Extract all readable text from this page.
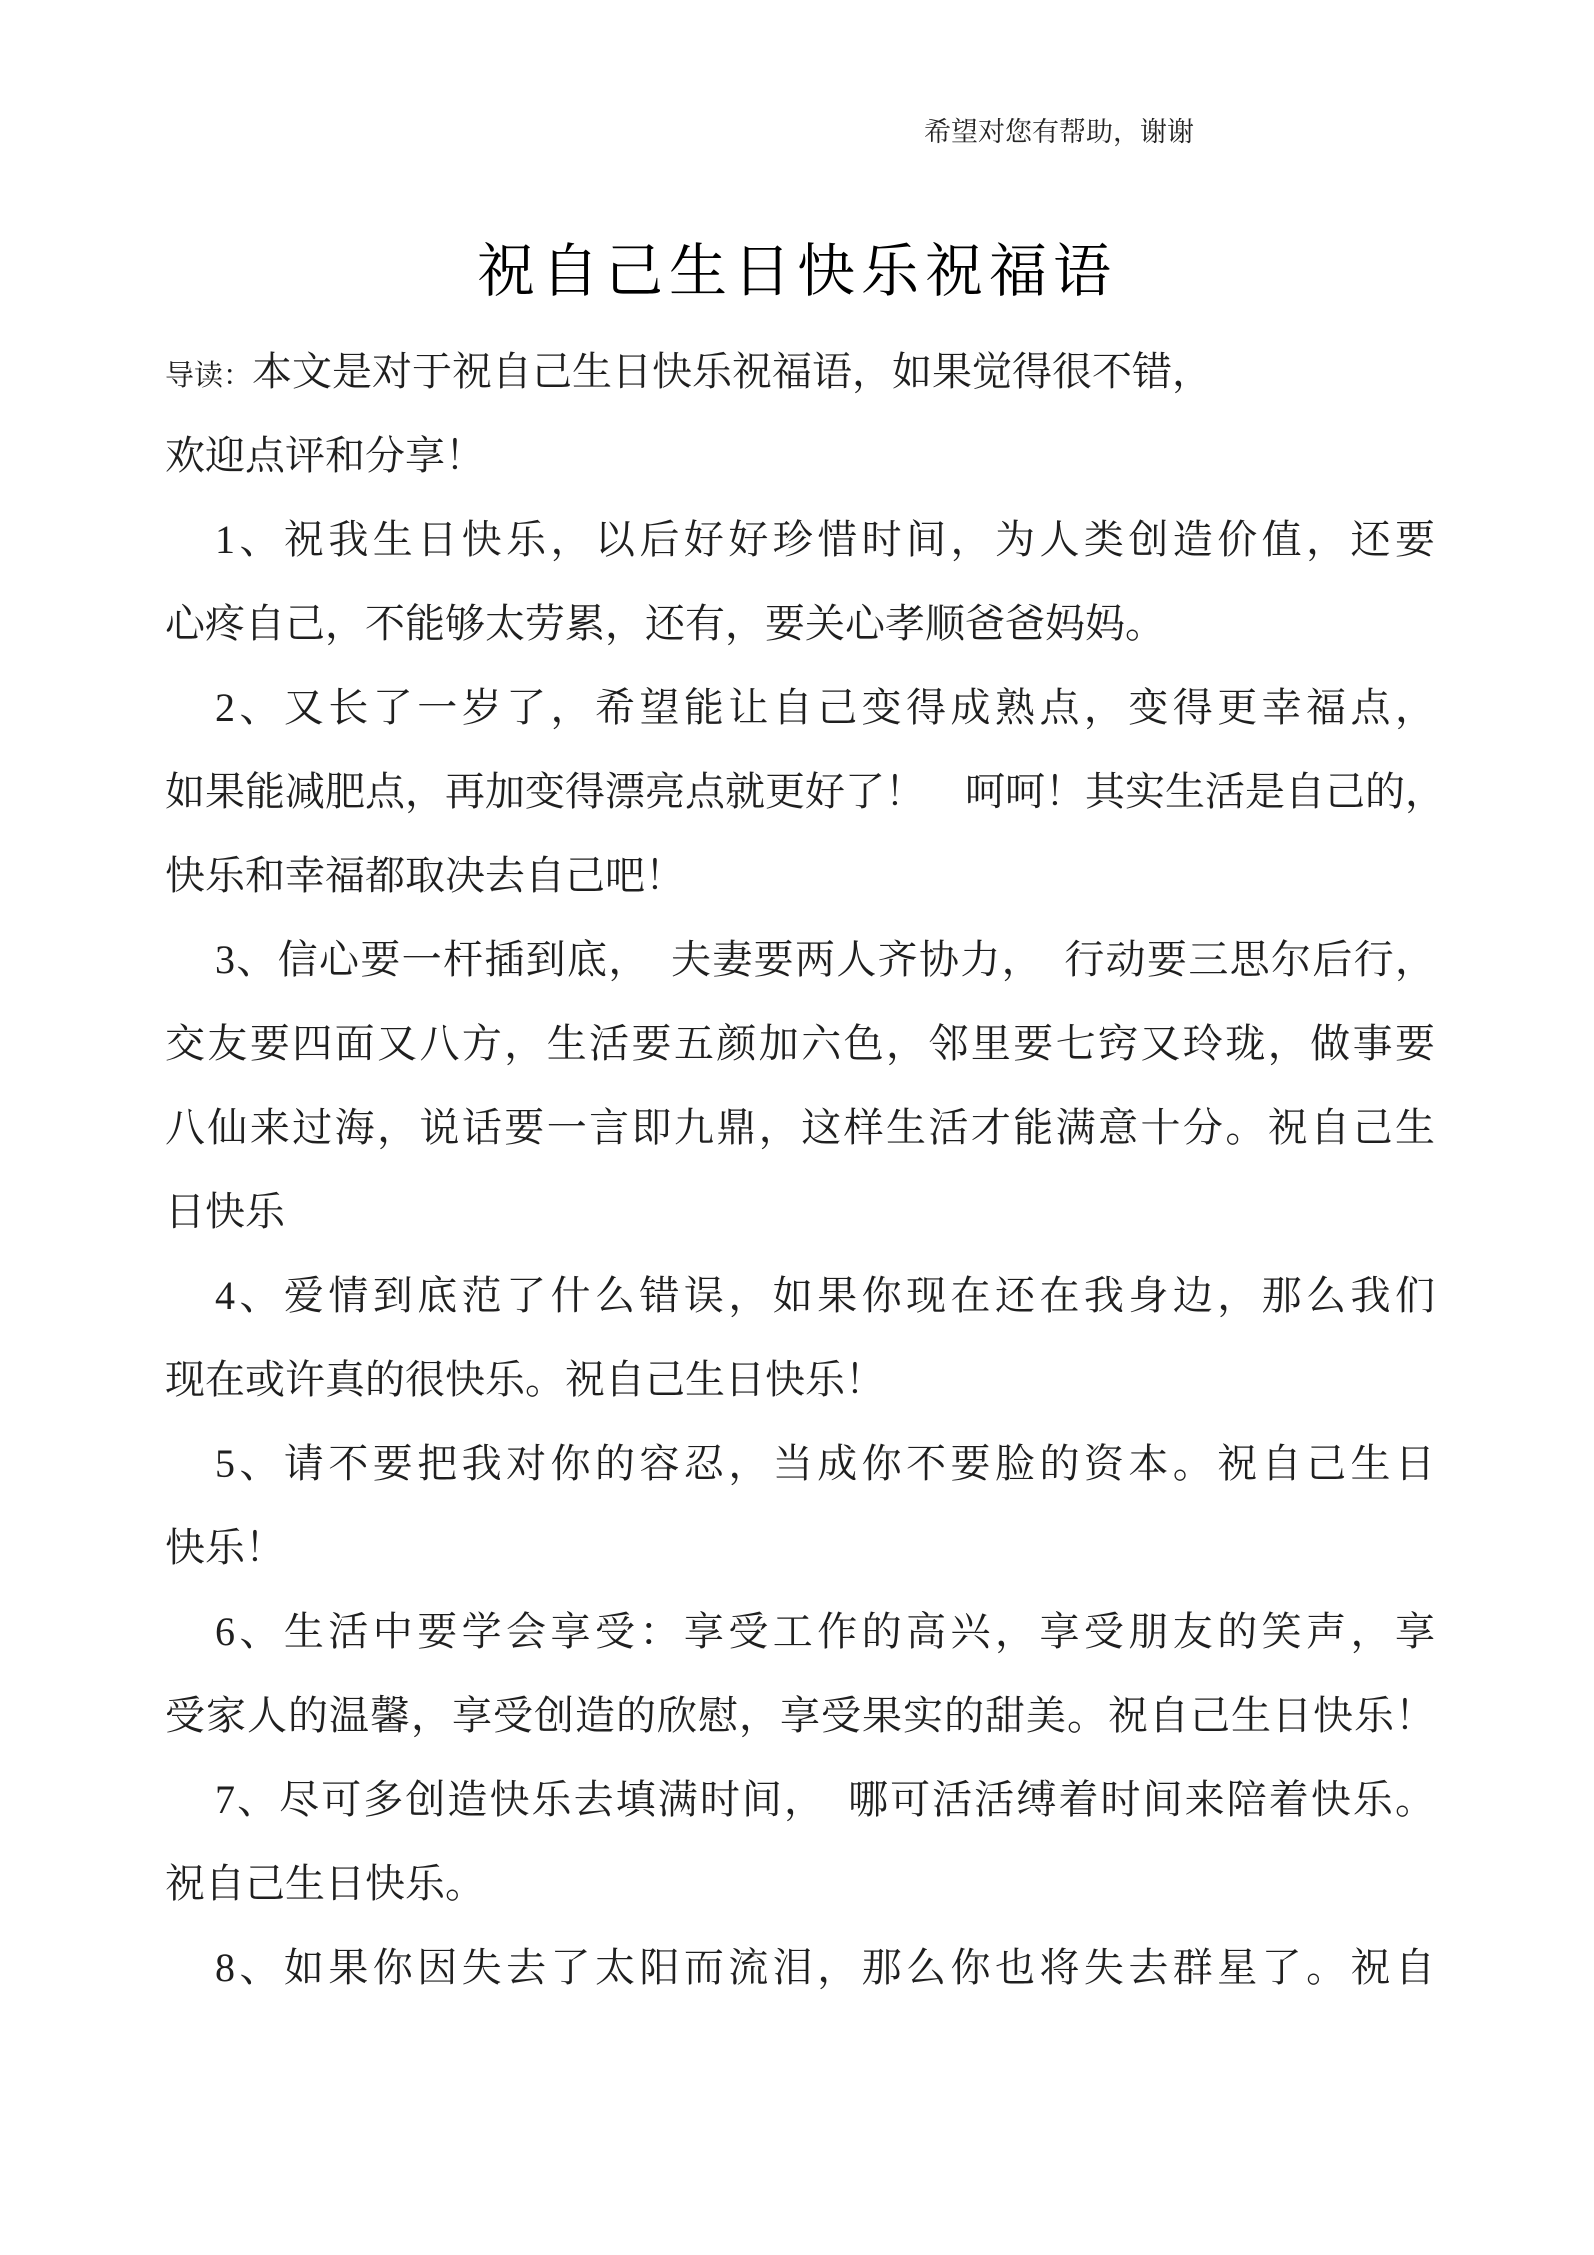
希望对您有帮助，谢谢
祝自己生日快乐祝福语
导读：本文是对于祝自己生日快乐祝福语，如果觉得很不错，
欢迎点评和分享！
1、祝我生日快乐，以后好好珍惜时间，为人类创造价值，还要
心疼自己，不能够太劳累，还有，要关心孝顺爸爸妈妈。
2、又长了一岁了，希望能让自己变得成熟点，变得更幸福点，
如果能减肥点，再加变得漂亮点就更好了！　呵呵！其实生活是自己的，
快乐和幸福都取决去自己吧！
3、信心要一杆插到底，　夫妻要两人齐协力，　行动要三思尔后行，
交友要四面又八方，生活要五颜加六色，邻里要七窍又玲珑，做事要
八仙来过海，说话要一言即九鼎，这样生活才能满意十分。祝自己生
日快乐
4、爱情到底范了什么错误，如果你现在还在我身边，那么我们
现在或许真的很快乐。祝自己生日快乐！
5、请不要把我对你的容忍，当成你不要脸的资本。祝自己生日
快乐！
6、生活中要学会享受：享受工作的高兴，享受朋友的笑声，享
受家人的温馨，享受创造的欣慰，享受果实的甜美。祝自己生日快乐！
7、尽可多创造快乐去填满时间，　哪可活活缚着时间来陪着快乐。
祝自己生日快乐。
8、如果你因失去了太阳而流泪，那么你也将失去群星了。祝自
